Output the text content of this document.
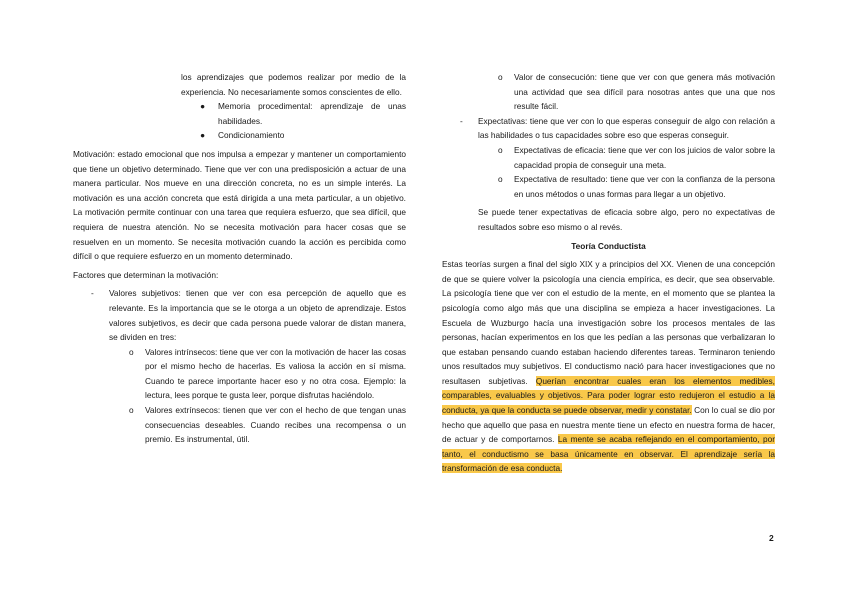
los aprendizajes que podemos realizar por medio de la experiencia. No necesariamente somos conscientes de ello.

● Memoria procedimental: aprendizaje de unas habilidades.
● Condicionamiento

Motivación: estado emocional que nos impulsa a empezar y mantener un comportamiento que tiene un objetivo determinado. Tiene que ver con una predisposición a actuar de una manera particular. Nos mueve en una dirección concreta, no es un simple interés. La motivación es una acción concreta que está dirigida a una meta particular, a un objetivo. La motivación permite continuar con una tarea que requiera esfuerzo, que sea difícil, que requiera de nuestra atención. No se necesita motivación para hacer cosas que se resuelven en un momento. Se necesita motivación cuando la acción es percibida como difícil o que requiere esfuerzo en un momento determinado.

Factores que determinan la motivación:

- Valores subjetivos: tienen que ver con esa percepción de aquello que es relevante. Es la importancia que se le otorga a un objeto de aprendizaje. Estos valores subjetivos, es decir que cada persona puede valorar de distan manera, se dividen en tres:
o Valores intrínsecos: tiene que ver con la motivación de hacer las cosas por el mismo hecho de hacerlas. Es valiosa la acción en sí misma. Cuando te parece importante hacer eso y no otra cosa. Ejemplo: la lectura, lees porque te gusta leer, porque disfrutas haciéndolo.
o Valores extrínsecos: tienen que ver con el hecho de que tengan unas consecuencias deseables. Cuando recibes una recompensa o un premio. Es instrumental, útil.
o Valor de consecución: tiene que ver con que genera más motivación una actividad que sea difícil para nosotras antes que una que nos resulte fácil.
- Expectativas: tiene que ver con lo que esperas conseguir de algo con relación a las habilidades o tus capacidades sobre eso que esperas conseguir.
o Expectativas de eficacia: tiene que ver con los juicios de valor sobre la capacidad propia de conseguir una meta.
o Expectativa de resultado: tiene que ver con la confianza de la persona en unos métodos o unas formas para llegar a un objetivo.

Se puede tener expectativas de eficacia sobre algo, pero no expectativas de resultados sobre eso mismo o al revés.

Teoría Conductista

Estas teorías surgen a final del siglo XIX y a principios del XX. Vienen de una concepción de que se quiere volver la psicología una ciencia empírica, es decir, que sea observable. La psicología tiene que ver con el estudio de la mente, en el momento que se plantea la psicología como algo más que una disciplina se empieza a hacer investigaciones. La Escuela de Wuzburgo hacía una investigación sobre los procesos mentales de las personas, hacían experimentos en los que les pedían a las personas que verbalizaran lo que estaban pensando cuando estaban haciendo diferentes tareas. Terminaron teniendo unos resultados muy subjetivos. El conductismo nació para hacer investigaciones que no resultasen subjetivas. Querían encontrar cuales eran los elementos medibles, comparables, evaluables y objetivos. Para poder lograr esto redujeron el estudio a la conducta, ya que la conducta se puede observar, medir y constatar. Con lo cual se dio por hecho que aquello que pasa en nuestra mente tiene un efecto en nuestra forma de hacer, de actuar y de comportarnos. La mente se acaba reflejando en el comportamiento, por tanto, el conductismo se basa únicamente en observar. El aprendizaje sería la transformación de esa conducta.

2
